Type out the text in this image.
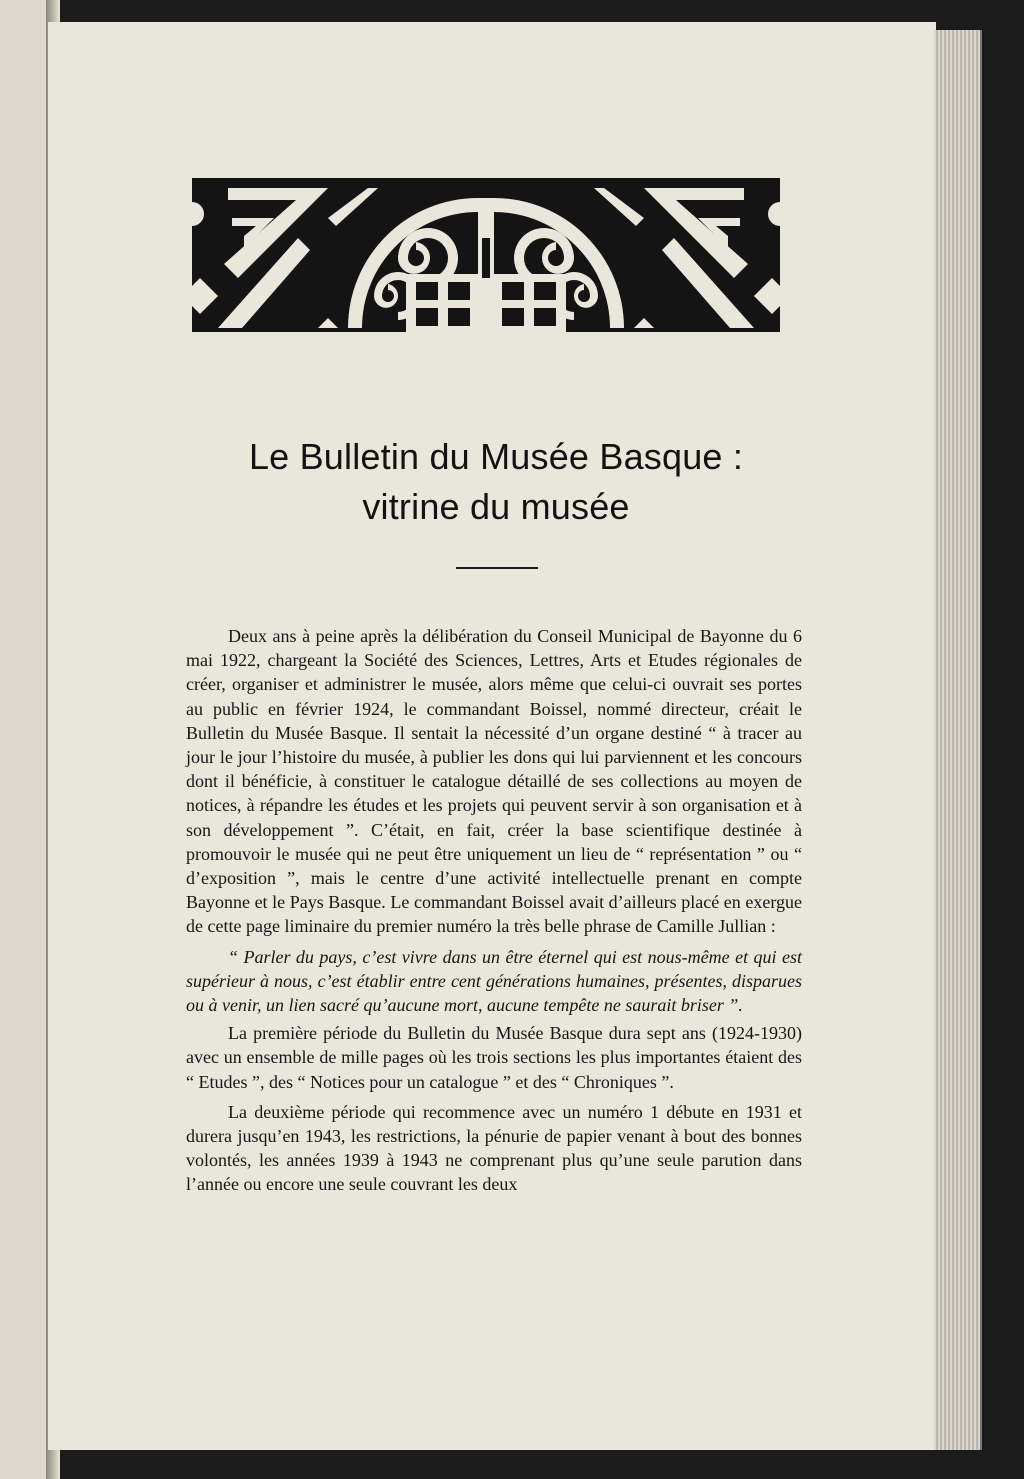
Le Bulletin du Musée Basque :
vitrine du musée

Deux ans à peine après la délibération du Conseil Municipal de Bayonne du 6 mai 1922, chargeant la Société des Sciences, Lettres, Arts et Etudes régionales de créer, organiser et administrer le musée, alors même que celui-ci ouvrait ses portes au public en février 1924, le commandant Boissel, nommé directeur, créait le Bulletin du Musée Basque. Il sentait la nécessité d’un organe destiné “ à tracer au jour le jour l’histoire du musée, à publier les dons qui lui parviennent et les concours dont il bénéficie, à constituer le catalogue détaillé de ses collections au moyen de notices, à répandre les études et les projets qui peuvent servir à son organisation et à son développement ”. C’était, en fait, créer la base scientifique destinée à promouvoir le musée qui ne peut être uniquement un lieu de “ représentation ” ou “ d’exposition ”, mais le centre d’une activité intellectuelle prenant en compte Bayonne et le Pays Basque. Le commandant Boissel avait d’ailleurs placé en exergue de cette page liminaire du premier numéro la très belle phrase de Camille Jullian :

“ Parler du pays, c’est vivre dans un être éternel qui est nous-même et qui est supérieur à nous, c’est établir entre cent générations humaines, présentes, disparues ou à venir, un lien sacré qu’aucune mort, aucune tempête ne saurait briser ”.

La première période du Bulletin du Musée Basque dura sept ans (1924-1930) avec un ensemble de mille pages où les trois sections les plus importantes étaient des “ Etudes ”, des “ Notices pour un catalogue ” et des “ Chroniques ”.

La deuxième période qui recommence avec un numéro 1 débute en 1931 et durera jusqu’en 1943, les restrictions, la pénurie de papier venant à bout des bonnes volontés, les années 1939 à 1943 ne comprenant plus qu’une seule parution dans l’année ou encore une seule couvrant les deux
